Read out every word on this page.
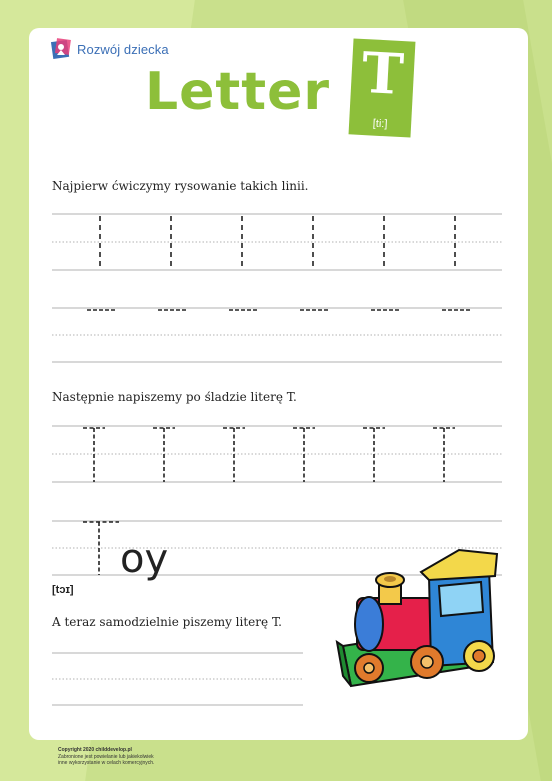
Rozwój dziecka
Letter T
[ti:]
Najpierw ćwiczymy rysowanie takich linii.
Następnie napiszemy po śladzie literę T.
A teraz samodzielnie piszemy literę T.
oy
[tɔɪ]
Copyright 2020 childdevelop.pl
Zabronione jest powielanie lub jakiekolwiek
inne wykorzystanie w celach komercyjnych.
